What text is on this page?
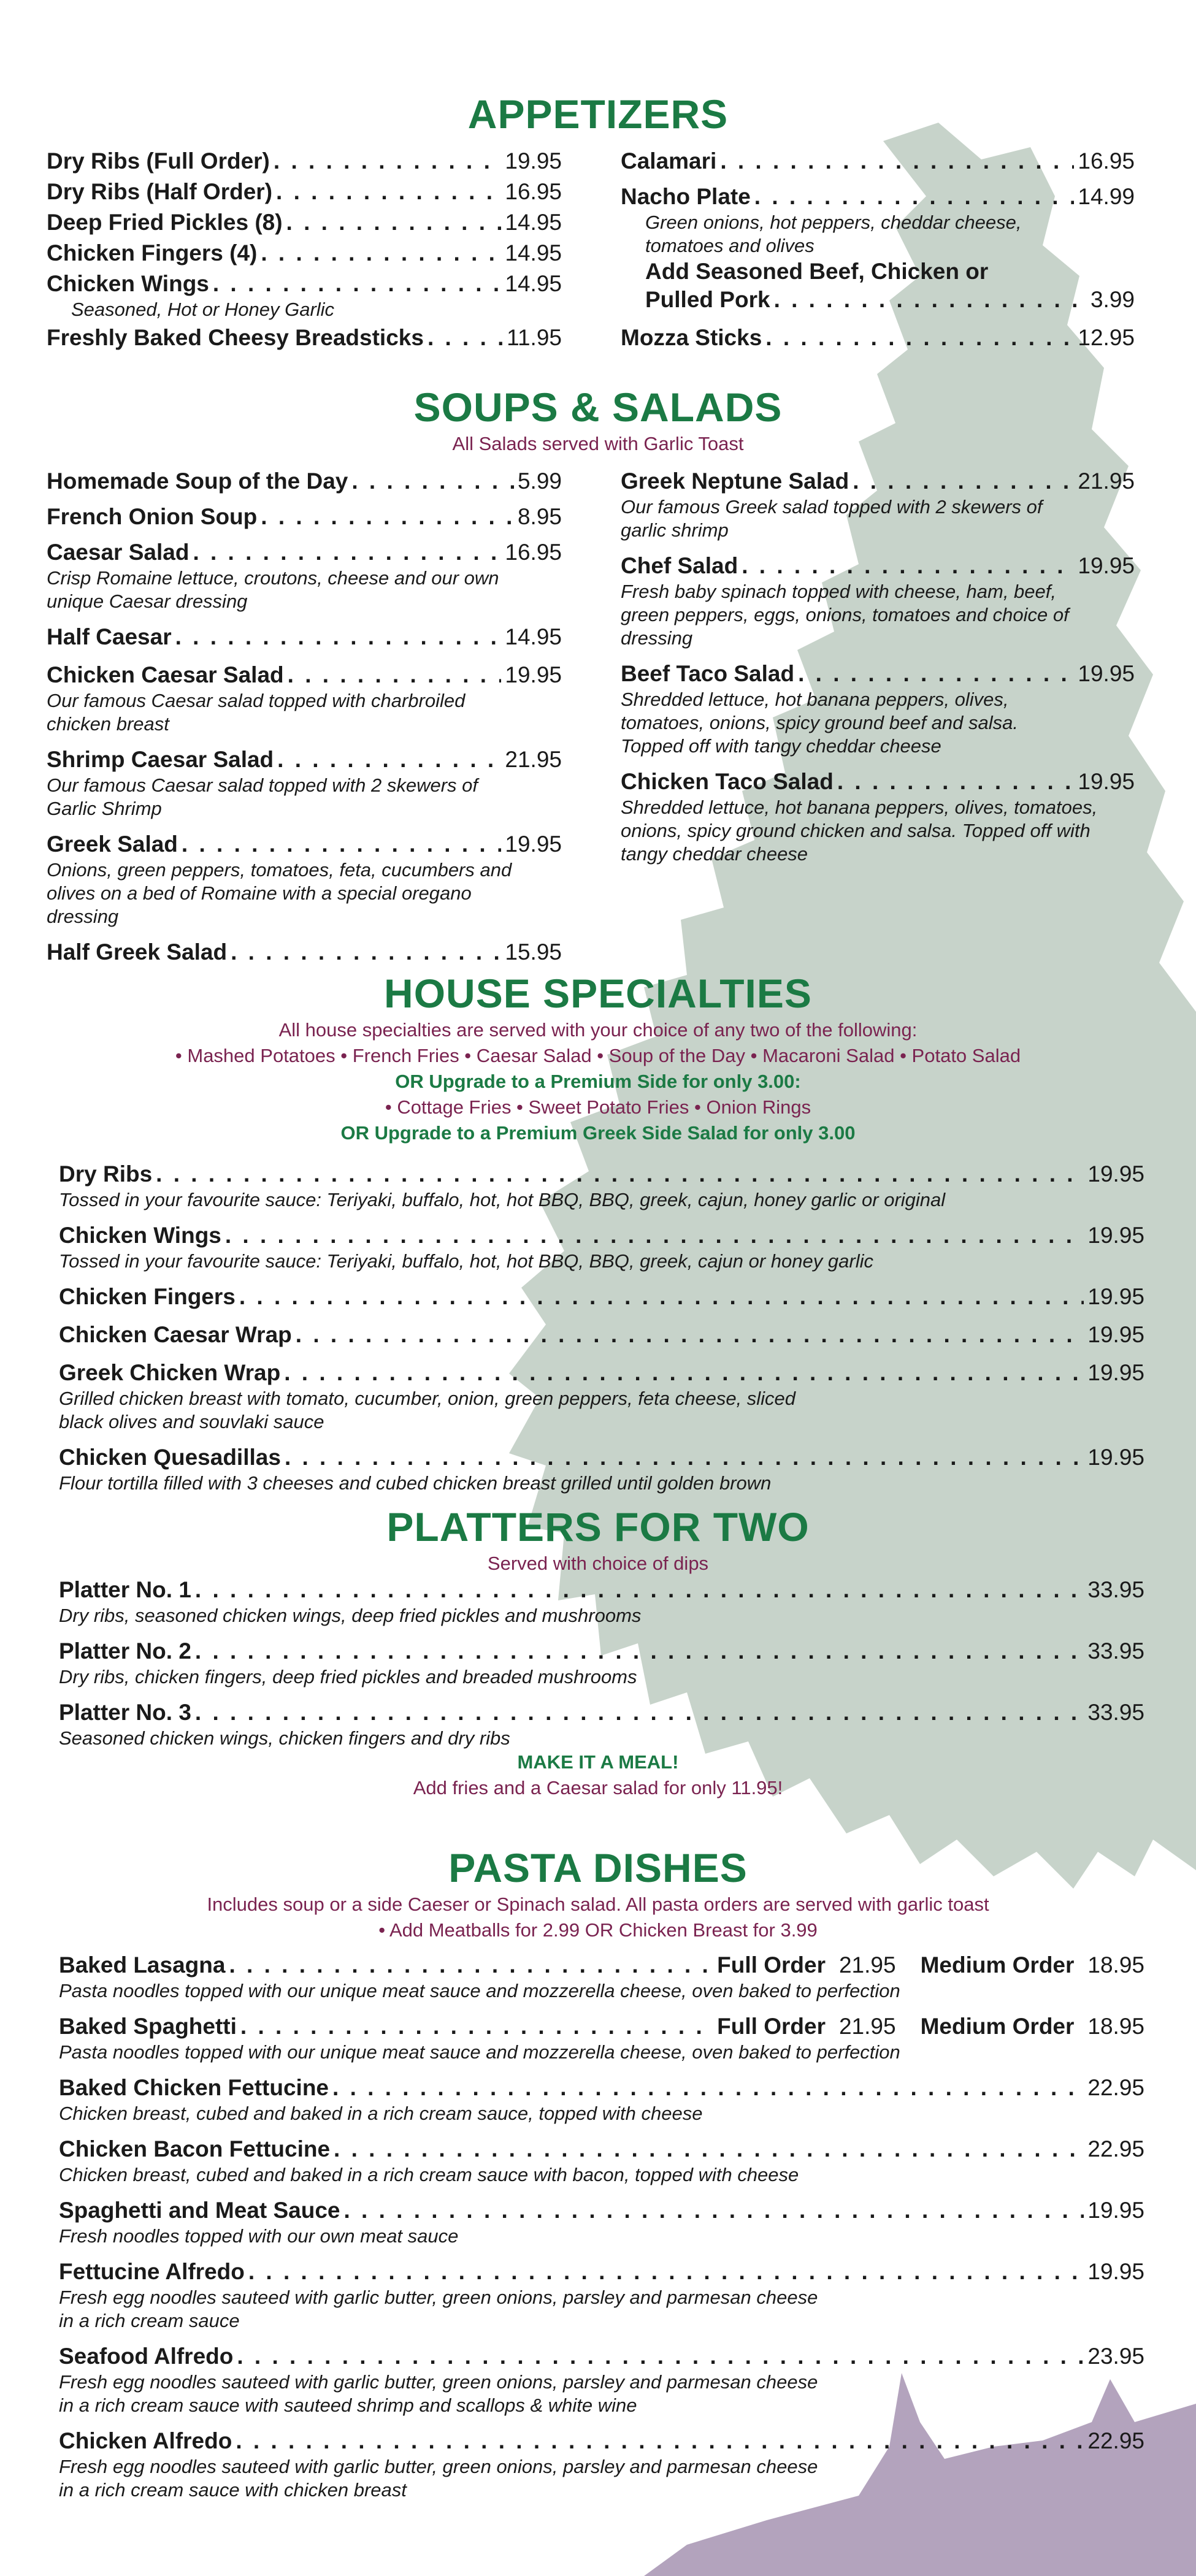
APPETIZERS
Dry Ribs (Full Order) . . .	19.95
Dry Ribs (Half Order) . . .	16.95
Deep Fried Pickles (8) . . .	14.95
Chicken Fingers (4) . . .	14.95
Chicken Wings . . .	14.95

Seasoned, Hot or Honey Garlic

Freshly Baked Cheesy Breadsticks . . .	11.95
Calamari . . .	16.95
Nacho Plate . . .	14.99

Green onions, hot peppers, cheddar cheese, tomatoes and olives

Add Seasoned Beef, Chicken or
Pulled Pork . . .	3.99
Mozza Sticks . . .	12.95
SOUPS & SALADS

All Salads served with Garlic Toast

Homemade Soup of the Day . . .	5.99
French Onion Soup . . .	8.95
Caesar Salad . . .	16.95

Crisp Romaine lettuce, croutons, cheese and our own unique Caesar dressing

Half Caesar . . .	14.95
Chicken Caesar Salad . . .	19.95

Our famous Caesar salad topped with charbroiled chicken breast

Shrimp Caesar Salad . . .	21.95

Our famous Caesar salad topped with 2 skewers of Garlic Shrimp

Greek Salad . . .	19.95

Onions, green peppers, tomatoes, feta, cucumbers and olives on a bed of Romaine with a special oregano dressing

Half Greek Salad . . .	15.95
Greek Neptune Salad . . .	21.95

Our famous Greek salad topped with 2 skewers of garlic shrimp

Chef Salad . . .	19.95

Fresh baby spinach topped with cheese, ham, beef, green peppers, eggs, onions, tomatoes and choice of dressing

Beef Taco Salad . . .	19.95

Shredded lettuce, hot banana peppers, olives, tomatoes, onions, spicy ground beef and salsa. Topped off with tangy cheddar cheese

Chicken Taco Salad . . .	19.95

Shredded lettuce, hot banana peppers, olives, tomatoes, onions, spicy ground chicken and salsa. Topped off with tangy cheddar cheese

HOUSE SPECIALTIES

All house specialties are served with your choice of any two of the following:

• Mashed Potatoes • French Fries • Caesar Salad • Soup of the Day • Macaroni Salad • Potato Salad

OR Upgrade to a Premium Side for only 3.00:

• Cottage Fries • Sweet Potato Fries • Onion Rings

OR Upgrade to a Premium Greek Side Salad for only 3.00

Dry Ribs . . .	19.95

Tossed in your favourite sauce: Teriyaki, buffalo, hot, hot BBQ, BBQ, greek, cajun, honey garlic or original

Chicken Wings . . .	19.95

Tossed in your favourite sauce: Teriyaki, buffalo, hot, hot BBQ, BBQ, greek, cajun or honey garlic

Chicken Fingers . . .	19.95
Chicken Caesar Wrap . . .	19.95
Greek Chicken Wrap . . .	19.95

Grilled chicken breast with tomato, cucumber, onion, green peppers, feta cheese, sliced black olives and souvlaki sauce

Chicken Quesadillas . . .	19.95

Flour tortilla filled with 3 cheeses and cubed chicken breast grilled until golden brown

PLATTERS FOR TWO

Served with choice of dips

Platter No. 1 . . .	33.95

Dry ribs, seasoned chicken wings, deep fried pickles and mushrooms

Platter No. 2 . . .	33.95

Dry ribs, chicken fingers, deep fried pickles and breaded mushrooms

Platter No. 3 . . .	33.95

Seasoned chicken wings, chicken fingers and dry ribs

MAKE IT A MEAL!

Add fries and a Caesar salad for only 11.95!

PASTA DISHES

Includes soup or a side Caeser or Spinach salad. All pasta orders are served with garlic toast

• Add Meatballs for 2.99 OR Chicken Breast for 3.99

Baked Lasagna . . .	Full Order 21.95 Medium Order 18.95

Pasta noodles topped with our unique meat sauce and mozzerella cheese, oven baked to perfection

Baked Spaghetti . . .	Full Order 21.95 Medium Order 18.95

Pasta noodles topped with our unique meat sauce and mozzerella cheese, oven baked to perfection

Baked Chicken Fettucine . . .	22.95

Chicken breast, cubed and baked in a rich cream sauce, topped with cheese

Chicken Bacon Fettucine . . .	22.95

Chicken breast, cubed and baked in a rich cream sauce with bacon, topped with cheese

Spaghetti and Meat Sauce . . .	19.95

Fresh noodles topped with our own meat sauce

Fettucine Alfredo . . .	19.95

Fresh egg noodles sauteed with garlic butter, green onions, parsley and parmesan cheese in a rich cream sauce

Seafood Alfredo . . .	23.95

Fresh egg noodles sauteed with garlic butter, green onions, parsley and parmesan cheese in a rich cream sauce with sauteed shrimp and scallops & white wine

Chicken Alfredo . . .	22.95

Fresh egg noodles sauteed with garlic butter, green onions, parsley and parmesan cheese in a rich cream sauce with chicken breast
